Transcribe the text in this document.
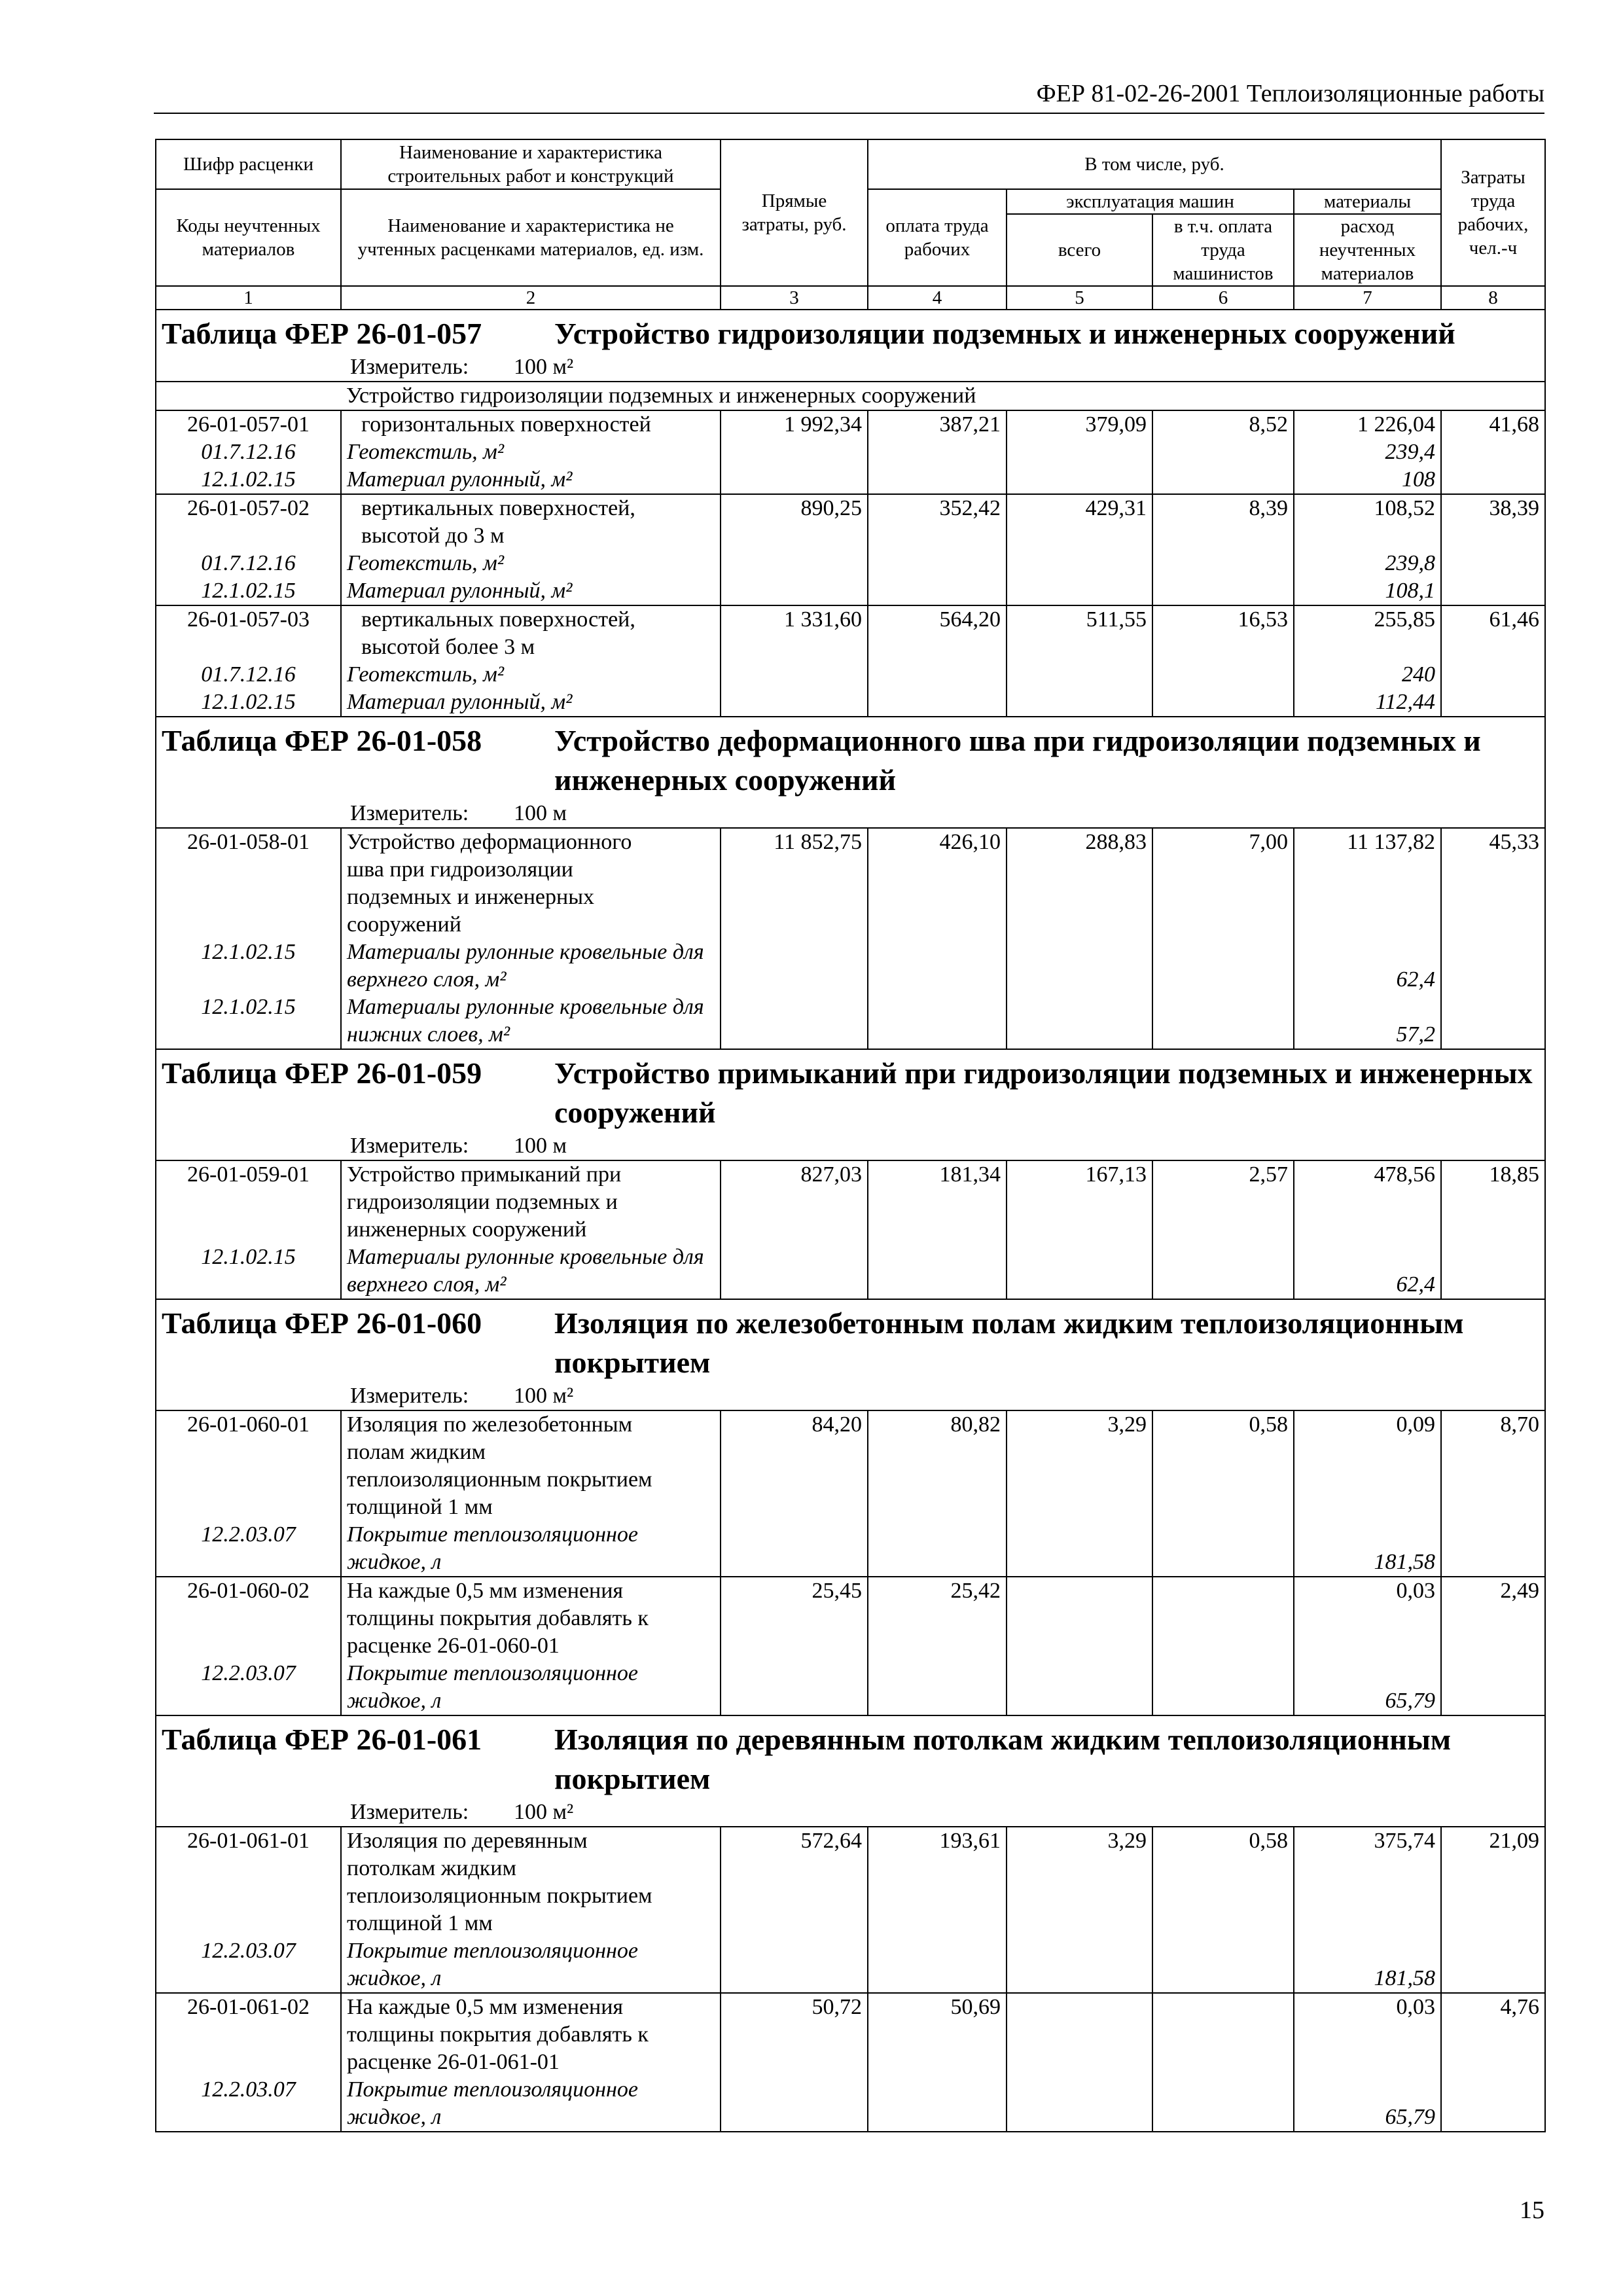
ФЕР 81-02-26-2001 Теплоизоляционные работы
Шифр расценки	Наименование и характеристика строительных работ и конструкций	Прямые затраты, руб.	В том числе, руб.				Затраты труда рабочих, чел.-ч
Коды неучтенных материалов	Наименование и характеристика не учтенных расценками материалов, ед. изм.		оплата труда рабочих	эксплуатация машин		материалы	
				всего	в т.ч. оплата труда машинистов	расход неучтенных материалов	

1	2	3	4	5	6	7	8

Таблица ФЕР 26-01-057 Устройство гидроизоляции подземных и инженерных сооружений							

Измеритель: 100 м²							

Устройство гидроизоляции подземных и инженерных сооружений							
26-01-057-01	горизонтальных поверхностей	1 992,34	387,21	379,09	8,52	1 226,04	41,68
01.7.12.16	Геотекстиль, м²					239,4	
12.1.02.15	Материал рулонный, м²					108	
26-01-057-02	вертикальных поверхностей,	890,25	352,42	429,31	8,39	108,52	38,39
	высотой до 3 м						
01.7.12.16	Геотекстиль, м²					239,8	
12.1.02.15	Материал рулонный, м²					108,1	
26-01-057-03	вертикальных поверхностей,	1 331,60	564,20	511,55	16,53	255,85	61,46
	высотой более 3 м						
01.7.12.16	Геотекстиль, м²					240	
12.1.02.15	Материал рулонный, м²					112,44	

Таблица ФЕР 26-01-058 Устройство деформационного шва при гидроизоляции подземных и инженерных сооружений							

Измеритель: 100 м							

26-01-058-01	Устройство деформационного	11 852,75	426,10	288,83	7,00	11 137,82	45,33
	шва при гидроизоляции						
	подземных и инженерных						
	сооружений						
12.1.02.15	Материалы рулонные кровельные для						
	верхнего слоя, м²					62,4	
12.1.02.15	Материалы рулонные кровельные для						
	нижних слоев, м²					57,2	

Таблица ФЕР 26-01-059 Устройство примыканий при гидроизоляции подземных и инженерных сооружений							

Измеритель: 100 м							

26-01-059-01	Устройство примыканий при	827,03	181,34	167,13	2,57	478,56	18,85
	гидроизоляции подземных и						
	инженерных сооружений						
12.1.02.15	Материалы рулонные кровельные для						
	верхнего слоя, м²					62,4	

Таблица ФЕР 26-01-060 Изоляция по железобетонным полам жидким теплоизоляционным покрытием							

Измеритель: 100 м²							

26-01-060-01	Изоляция по железобетонным	84,20	80,82	3,29	0,58	0,09	8,70
	полам жидким						
	теплоизоляционным покрытием						
	толщиной 1 мм						
12.2.03.07	Покрытие теплоизоляционное						
	жидкое, л					181,58	
26-01-060-02	На каждые 0,5 мм изменения	25,45	25,42			0,03	2,49
	толщины покрытия добавлять к						
	расценке 26-01-060-01						
12.2.03.07	Покрытие теплоизоляционное						
	жидкое, л					65,79	

Таблица ФЕР 26-01-061 Изоляция по деревянным потолкам жидким теплоизоляционным покрытием							

Измеритель: 100 м²							

26-01-061-01	Изоляция по деревянным	572,64	193,61	3,29	0,58	375,74	21,09
	потолкам жидким						
	теплоизоляционным покрытием						
	толщиной 1 мм						
12.2.03.07	Покрытие теплоизоляционное						
	жидкое, л					181,58	
26-01-061-02	На каждые 0,5 мм изменения	50,72	50,69			0,03	4,76
	толщины покрытия добавлять к						
	расценке 26-01-061-01						
12.2.03.07	Покрытие теплоизоляционное						
	жидкое, л					65,79	
15
